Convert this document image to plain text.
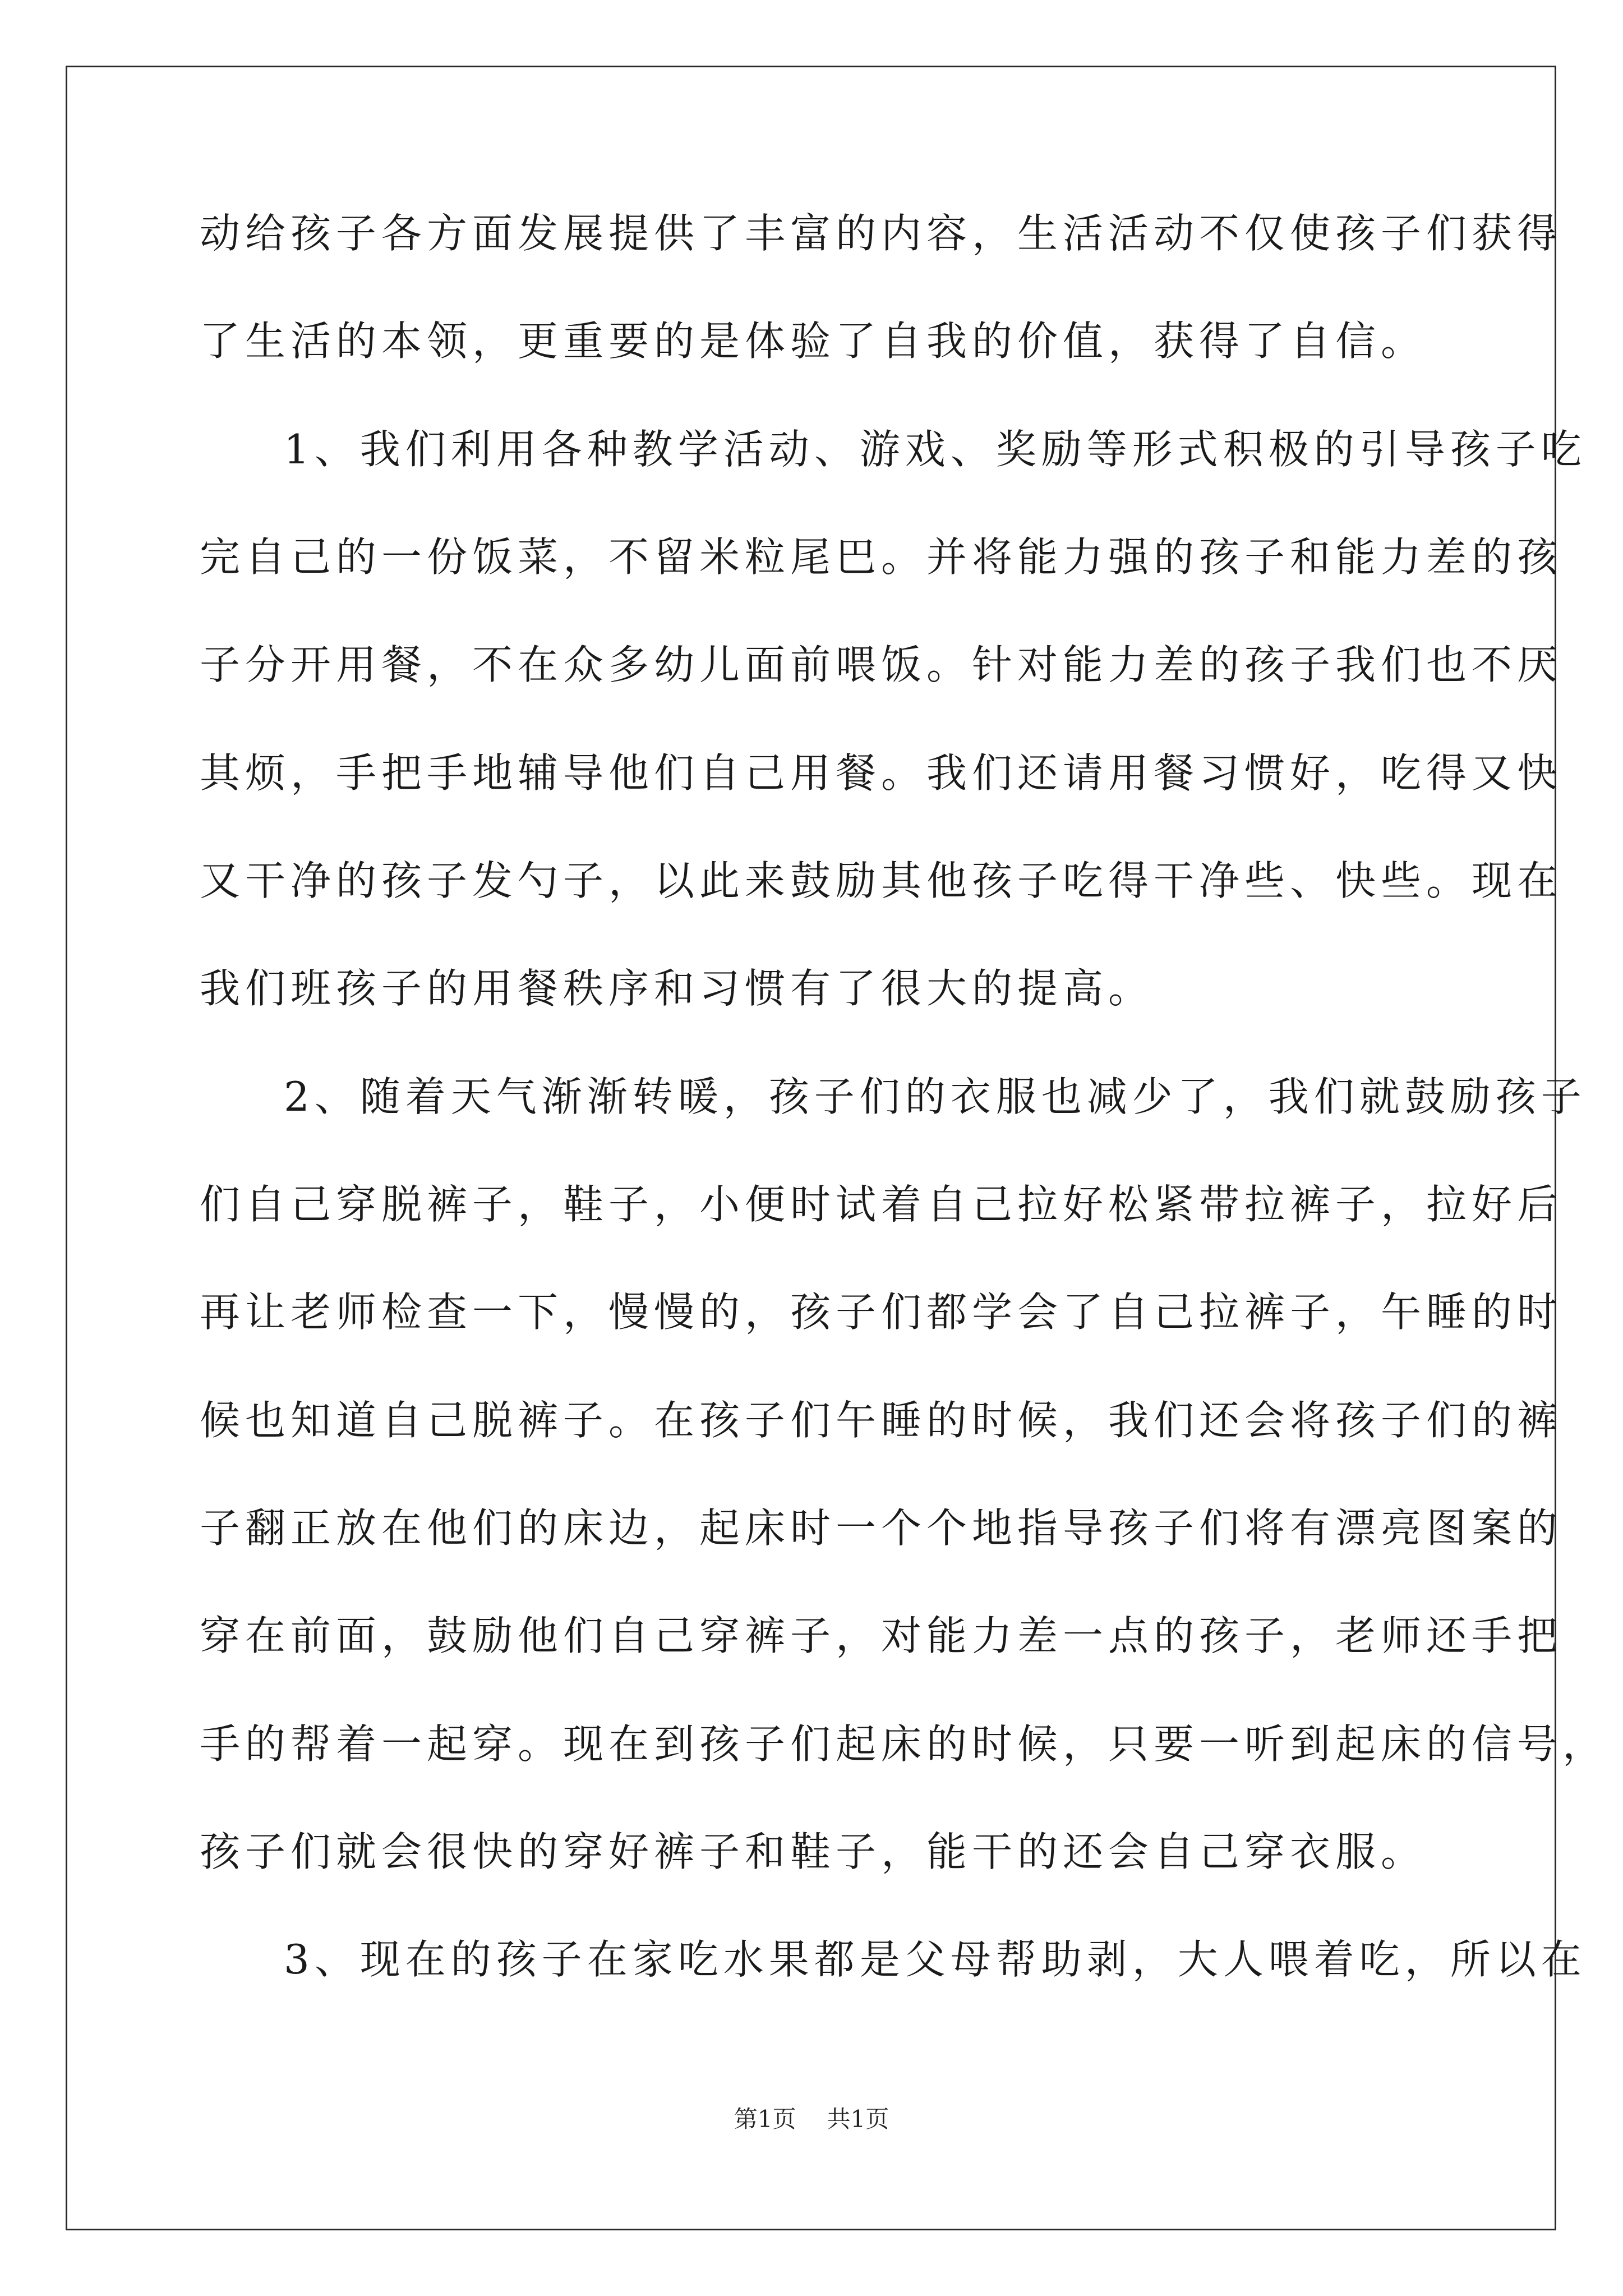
动给孩子各方面发展提供了丰富的内容，生活活动不仅使孩子们获得
了生活的本领，更重要的是体验了自我的价值，获得了自信。
1、我们利用各种教学活动、游戏、奖励等形式积极的引导孩子吃
完自己的一份饭菜，不留米粒尾巴。并将能力强的孩子和能力差的孩
子分开用餐，不在众多幼儿面前喂饭。针对能力差的孩子我们也不厌
其烦，手把手地辅导他们自己用餐。我们还请用餐习惯好，吃得又快
又干净的孩子发勺子，以此来鼓励其他孩子吃得干净些、快些。现在
我们班孩子的用餐秩序和习惯有了很大的提高。
2、随着天气渐渐转暖，孩子们的衣服也减少了，我们就鼓励孩子
们自己穿脱裤子，鞋子，小便时试着自己拉好松紧带拉裤子，拉好后
再让老师检查一下，慢慢的，孩子们都学会了自己拉裤子，午睡的时
候也知道自己脱裤子。在孩子们午睡的时候，我们还会将孩子们的裤
子翻正放在他们的床边，起床时一个个地指导孩子们将有漂亮图案的
穿在前面，鼓励他们自己穿裤子，对能力差一点的孩子，老师还手把
手的帮着一起穿。现在到孩子们起床的时候，只要一听到起床的信号，
孩子们就会很快的穿好裤子和鞋子，能干的还会自己穿衣服。
3、现在的孩子在家吃水果都是父母帮助剥，大人喂着吃，所以在
第1页 共1页
